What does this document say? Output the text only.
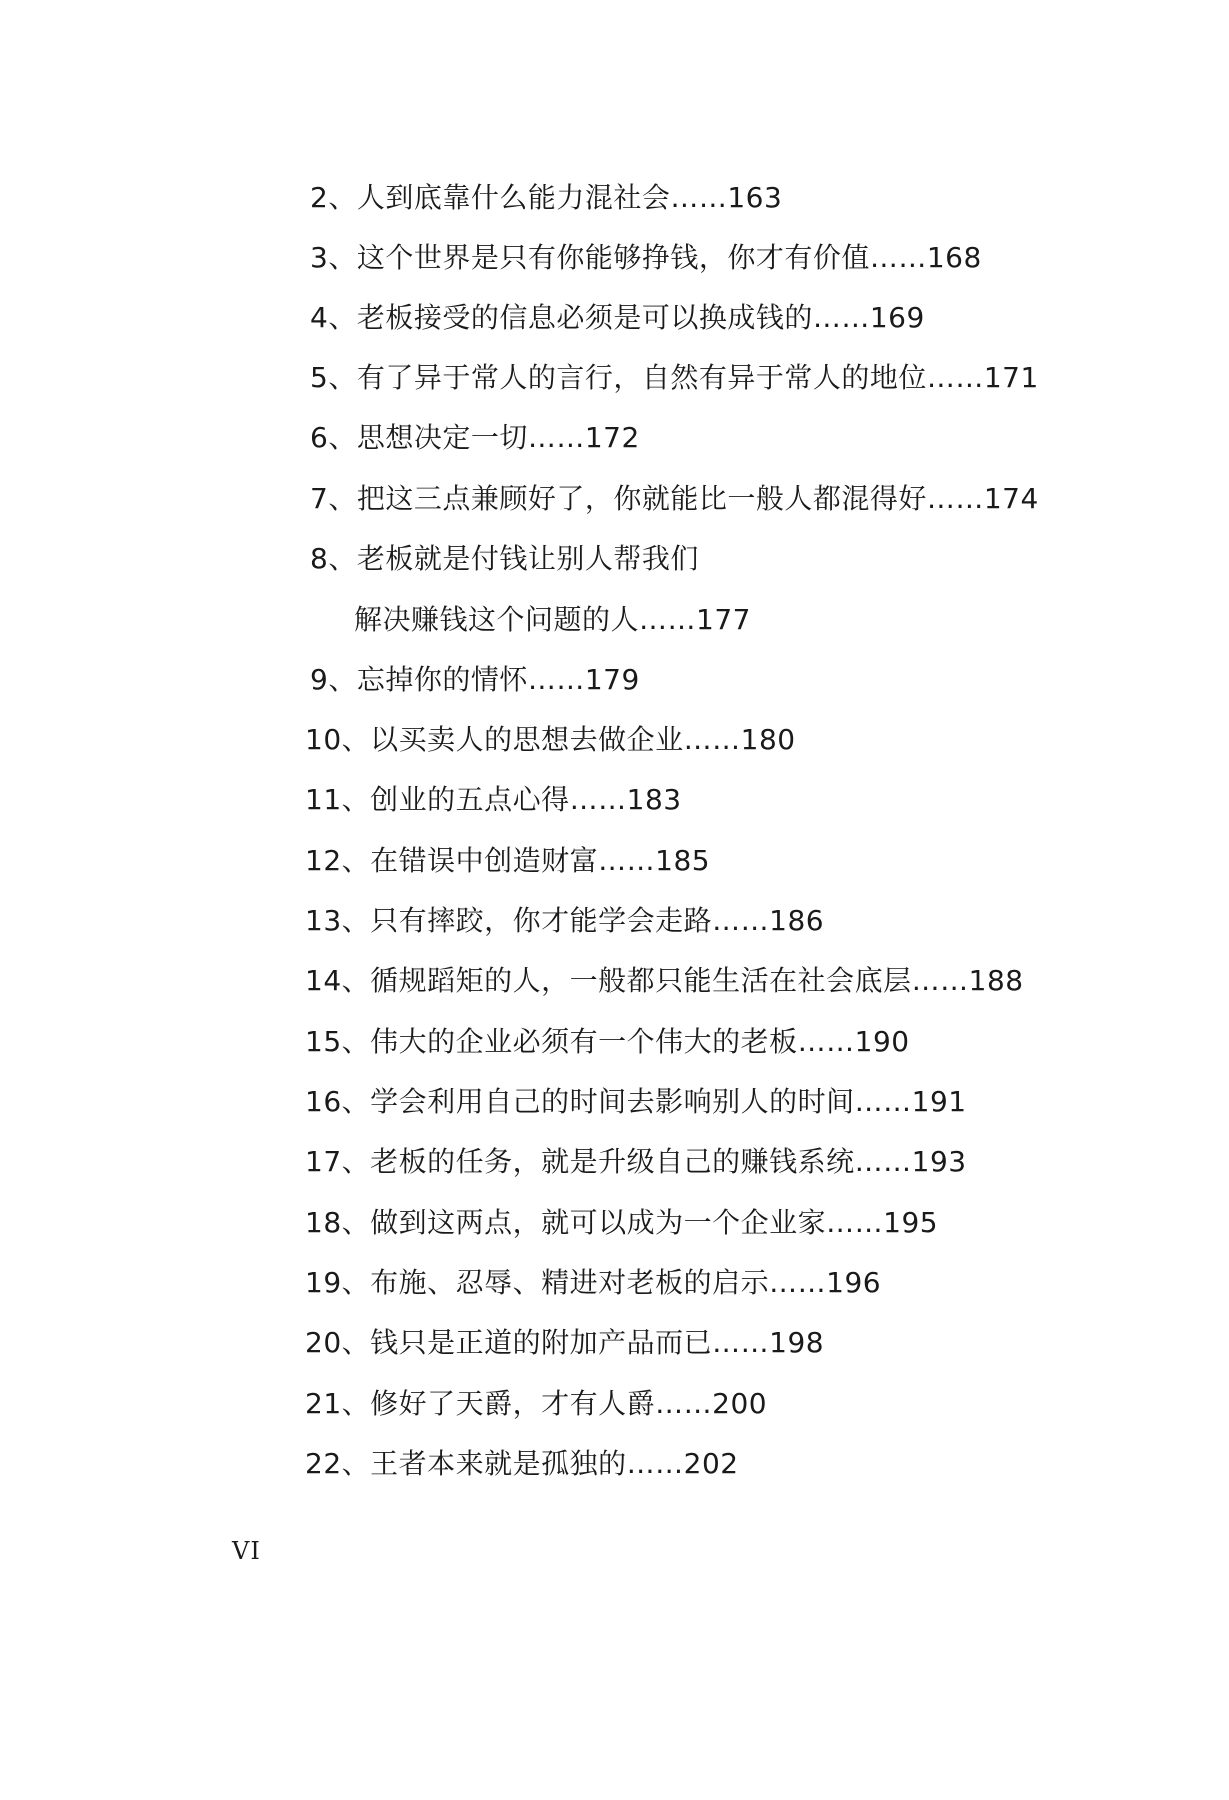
2、人到底靠什么能力混社会……163
3、这个世界是只有你能够挣钱，你才有价值……168
4、老板接受的信息必须是可以换成钱的……169
5、有了异于常人的言行，自然有异于常人的地位……171
6、思想决定一切……172
7、把这三点兼顾好了，你就能比一般人都混得好……174
8、老板就是付钱让别人帮我们
解决赚钱这个问题的人……177
9、忘掉你的情怀……179
10、以买卖人的思想去做企业……180
11、创业的五点心得……183
12、在错误中创造财富……185
13、只有摔跤，你才能学会走路……186
14、循规蹈矩的人，一般都只能生活在社会底层……188
15、伟大的企业必须有一个伟大的老板……190
16、学会利用自己的时间去影响别人的时间……191
17、老板的任务，就是升级自己的赚钱系统……193
18、做到这两点，就可以成为一个企业家……195
19、布施、忍辱、精进对老板的启示……196
20、钱只是正道的附加产品而已……198
21、修好了天爵，才有人爵……200
22、王者本来就是孤独的……202
VI
